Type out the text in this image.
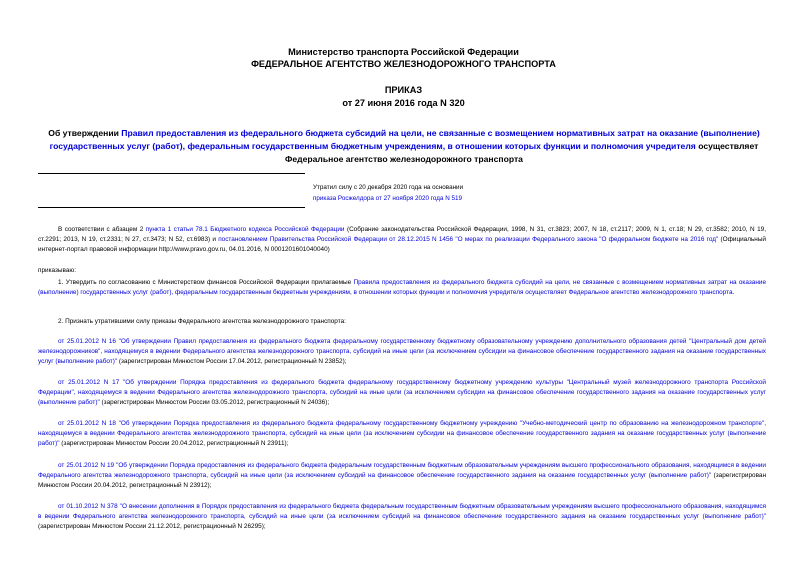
Министерство транспорта Российской Федерации
ФЕДЕРАЛЬНОЕ АГЕНТСТВО ЖЕЛЕЗНОДОРОЖНОГО ТРАНСПОРТА
ПРИКАЗ
от 27 июня 2016 года N 320
Об утверждении Правил предоставления из федерального бюджета субсидий на цели, не связанные с возмещением нормативных затрат на оказание (выполнение) государственных услуг (работ), федеральным государственным бюджетным учреждениям, в отношении которых функции и полномочия учредителя осуществляет Федеральное агентство железнодорожного транспорта
Утратил силу с 20 декабря 2020 года на основании
приказа Росжелдора от 27 ноября 2020 года N 519
В соответствии с абзацем 2 пункта 1 статьи 78.1 Бюджетного кодекса Российской Федерации (Собрание законодательства Российской Федерации, 1998, N 31, ст.3823; 2007, N 18, ст.2117; 2009, N 1, ст.18; N 29, ст.3582; 2010, N 19, ст.2291; 2013, N 19, ст.2331; N 27, ст.3473; N 52, ст.6983) и постановлением Правительства Российской Федерации от 28.12.2015 N 1456 "О мерах по реализации Федерального закона "О федеральном бюджете на 2016 год" (Официальный интернет-портал правовой информации http://www.pravo.gov.ru, 04.01.2016, N 0001201601040040)
приказываю:
1. Утвердить по согласованию с Министерством финансов Российской Федерации прилагаемые Правила предоставления из федерального бюджета субсидий на цели, не связанные с возмещением нормативных затрат на оказание (выполнение) государственных услуг (работ), федеральным государственным бюджетным учреждениям, в отношении которых функции и полномочия учредителя осуществляет Федеральное агентство железнодорожного транспорта.
2. Признать утратившими силу приказы Федерального агентства железнодорожного транспорта:
от 25.01.2012 N 16 "Об утверждении Правил предоставления из федерального бюджета федеральному государственному бюджетному образовательному учреждению дополнительного образования детей "Центральный дом детей железнодорожников", находящемуся в ведении Федерального агентства железнодорожного транспорта, субсидий на иные цели (за исключением субсидии на финансовое обеспечение государственного задания на оказание государственных услуг (выполнение работ)" (зарегистрирован Минюстом России 17.04.2012, регистрационный N 23852);
от 25.01.2012 N 17 "Об утверждении Порядка предоставления из федерального бюджета федеральному государственному бюджетному учреждению культуры "Центральный музей железнодорожного транспорта Российской Федерации", находящемуся в ведении Федерального агентства железнодорожного транспорта, субсидий на иные цели (за исключением субсидии на финансовое обеспечение государственного задания на оказание государственных услуг (выполнение работ)" (зарегистрирован Минюстом России 03.05.2012, регистрационный N 24036);
от 25.01.2012 N 18 "Об утверждении Порядка предоставления из федерального бюджета федеральному государственному бюджетному учреждению "Учебно-методический центр по образованию на железнодорожном транспорте", находящемуся в ведении Федерального агентства железнодорожного транспорта, субсидий на иные цели (за исключением субсидии на финансовое обеспечение государственного задания на оказание государственных услуг (выполнение работ)" (зарегистрирован Минюстом России 20.04.2012, регистрационный N 23911);
от 25.01.2012 N 19 "Об утверждении Порядка предоставления из федерального бюджета федеральным государственным бюджетным образовательным учреждениям высшего профессионального образования, находящимся в ведении Федерального агентства железнодорожного транспорта, субсидий на иные цели (за исключением субсидий на финансовое обеспечение государственного задания на оказание государственных услуг (выполнение работ)" (зарегистрирован Минюстом России 20.04.2012, регистрационный N 23912);
от 01.10.2012 N 378 "О внесении дополнения в Порядок предоставления из федерального бюджета федеральным государственным бюджетным образовательным учреждениям высшего профессионального образования, находящимся в ведении Федерального агентства железнодорожного транспорта, субсидий на иные цели (за исключением субсидий на финансовое обеспечение государственного задания на оказание государственных услуг (выполнение работ)" (зарегистрирован Минюстом России 21.12.2012, регистрационный N 26295);
